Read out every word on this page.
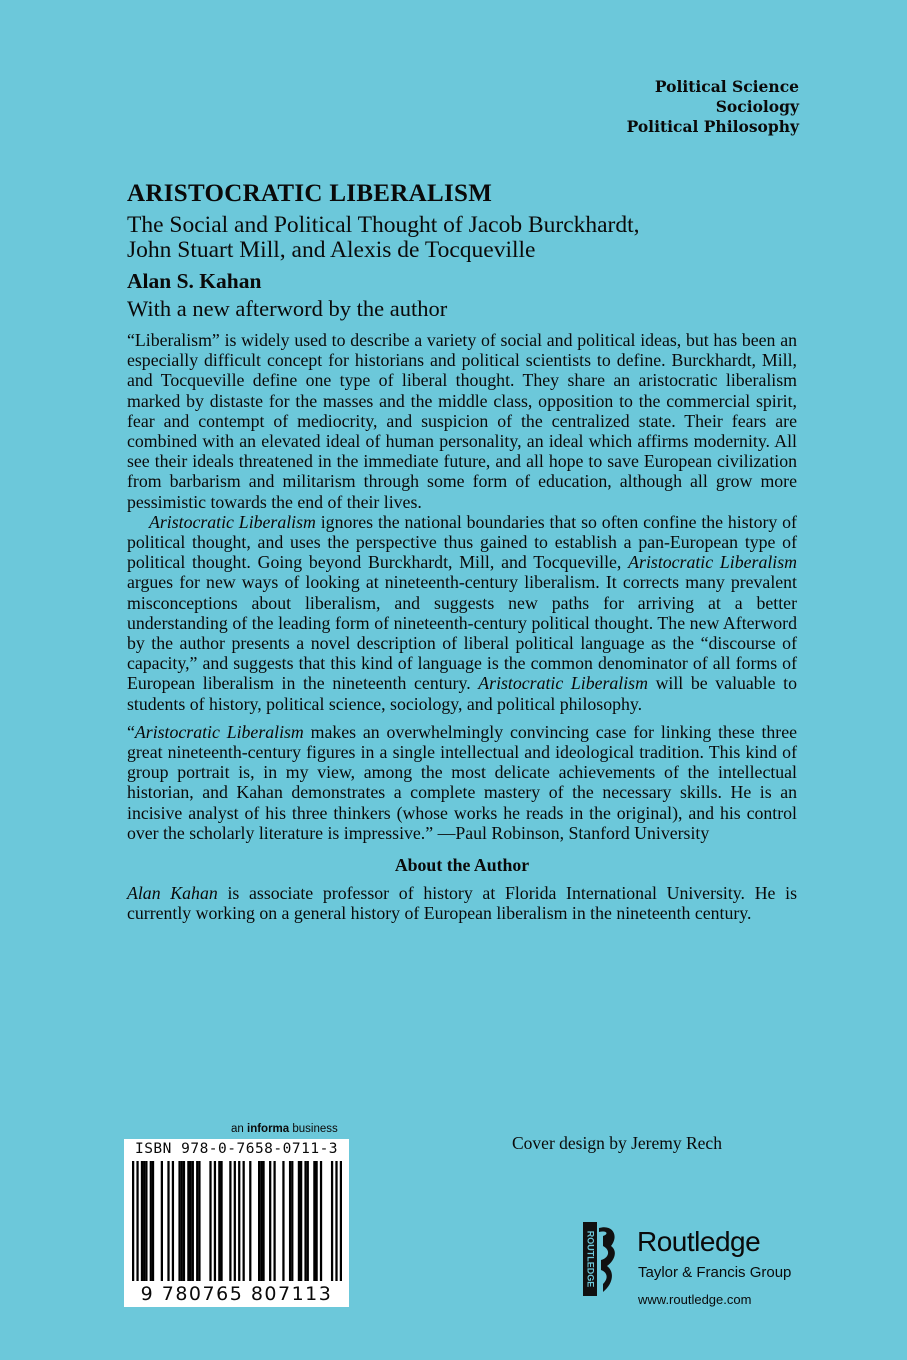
Political Science
Sociology
Political Philosophy
ARISTOCRATIC LIBERALISM
The Social and Political Thought of Jacob Burckhardt,
John Stuart Mill, and Alexis de Tocqueville
Alan S. Kahan
With a new afterword by the author

“Liberalism” is widely used to describe a variety of social and political ideas, but has been an especially difficult concept for historians and political scientists to define. Burckhardt, Mill, and Tocqueville define one type of liberal thought. They share an aristocratic liberalism marked by distaste for the masses and the middle class, opposition to the commercial spirit, fear and contempt of mediocrity, and suspicion of the centralized state. Their fears are combined with an elevated ideal of human personality, an ideal which affirms modernity. All see their ideals threatened in the immediate future, and all hope to save European civilization from barbarism and militarism through some form of education, although all grow more pessimistic towards the end of their lives.

Aristocratic Liberalism ignores the national boundaries that so often confine the history of political thought, and uses the perspective thus gained to establish a pan-European type of political thought. Going beyond Burckhardt, Mill, and Tocqueville, Aristocratic Liberalism argues for new ways of looking at nineteenth-century liberalism. It corrects many prevalent misconceptions about liberalism, and suggests new paths for arriving at a better understanding of the leading form of nineteenth-century political thought. The new Afterword by the author presents a novel description of liberal political language as the “discourse of capacity,” and suggests that this kind of language is the common denominator of all forms of European liberalism in the nineteenth century. Aristocratic Liberalism will be valuable to students of history, political science, sociology, and political philosophy.

“Aristocratic Liberalism makes an overwhelmingly convincing case for linking these three great nineteenth-century figures in a single intellectual and ideological tradition. This kind of group portrait is, in my view, among the most delicate achievements of the intellectual historian, and Kahan demonstrates a complete mastery of the necessary skills. He is an incisive analyst of his three thinkers (whose works he reads in the original), and his control over the scholarly literature is impressive.” —Paul Robinson, Stanford University

About the Author

Alan Kahan is associate professor of history at Florida International University. He is currently working on a general history of European liberalism in the nineteenth century.

an informa business
ISBN 978-0-7658-0711-3
9 780765 807113
Cover design by Jeremy Rech
ROUTLEDGE Routledge
Taylor & Francis Group
www.routledge.com
